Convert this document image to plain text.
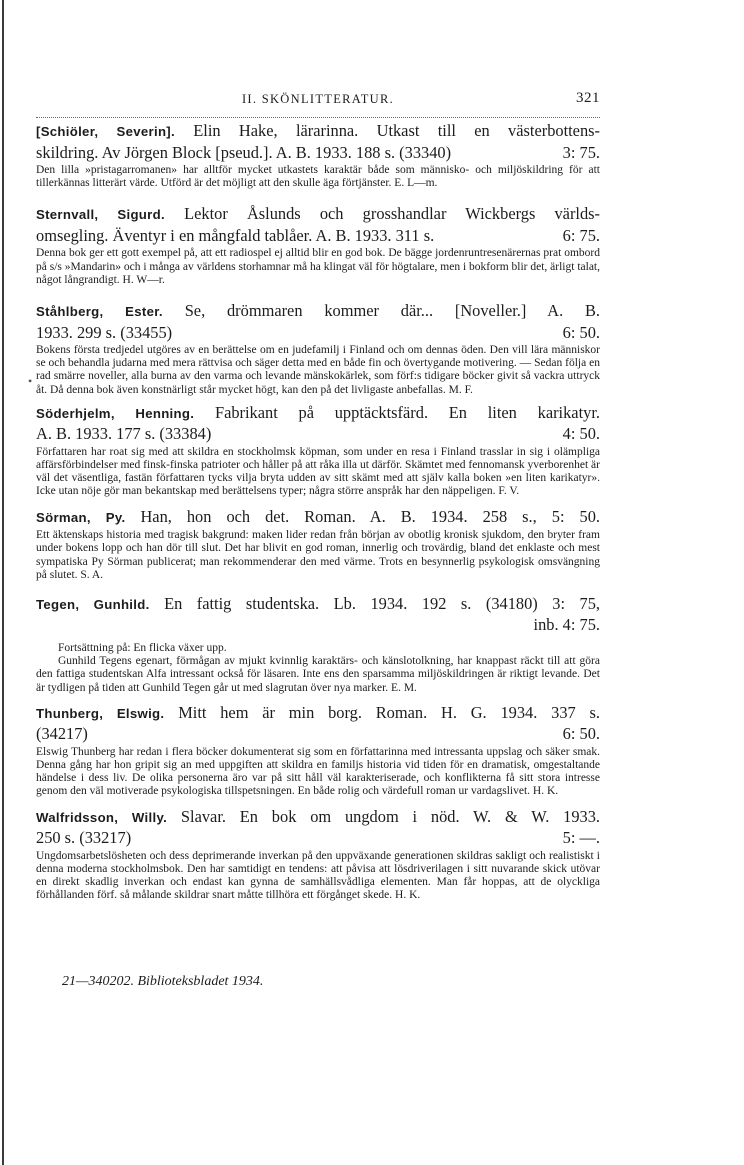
•
II. SKÖNLITTERATUR.	321
[Schiöler, Severin]. Elin Hake, lärarinna. Utkast till en västerbottens-
skildring. Av Jörgen Block [pseud.]. A. B. 1933. 188 s. (33340)	3: 75.

Den lilla »pristagarromanen» har alltför mycket utkastets karaktär både som människo- och miljöskildring för att tillerkännas litterärt värde. Utförd är det möjligt att den skulle äga förtjänster. E. L—m.

Sternvall, Sigurd. Lektor Åslunds och grosshandlar Wickbergs världs-
omsegling. Äventyr i en mångfald tablåer. A. B. 1933. 311 s.	6: 75.

Denna bok ger ett gott exempel på, att ett radiospel ej alltid blir en god bok. De bägge jordenruntresenärernas prat ombord på s/s »Mandarin» och i många av världens storhamnar må ha klingat väl för högtalare, men i bokform blir det, ärligt talat, något långrandigt. H. W—r.

Ståhlberg, Ester. Se, drömmaren kommer där... [Noveller.] A. B.
1933. 299 s. (33455)	6: 50.

Bokens första tredjedel utgöres av en berättelse om en judefamilj i Finland och om dennas öden. Den vill lära människor se och behandla judarna med mera rättvisa och säger detta med en både fin och övertygande motivering. — Sedan följa en rad smärre noveller, alla burna av den varma och levande mänskokärlek, som förf:s tidigare böcker givit så vackra uttryck åt. Då denna bok även konstnärligt står mycket högt, kan den på det livligaste anbefallas. M. F.

Söderhjelm, Henning. Fabrikant på upptäcktsfärd. En liten karikatyr.
A. B. 1933. 177 s. (33384)	4: 50.

Författaren har roat sig med att skildra en stockholmsk köpman, som under en resa i Finland trasslar in sig i olämpliga affärsförbindelser med finsk-finska patrioter och håller på att råka illa ut därför. Skämtet med fennomansk yverborenhet är väl det väsentliga, fastän författaren tycks vilja bryta udden av sitt skämt med att själv kalla boken »en liten karikatyr». Icke utan nöje gör man bekantskap med berättelsens typer; några större anspråk har den näppeligen. F. V.

Sörman, Py. Han, hon och det. Roman. A. B. 1934. 258 s., 5: 50.

Ett äktenskaps historia med tragisk bakgrund: maken lider redan från början av obotlig kronisk sjukdom, den bryter fram under bokens lopp och han dör till slut. Det har blivit en god roman, innerlig och trovärdig, bland det enklaste och mest sympatiska Py Sörman publicerat; man rekommenderar den med värme. Trots en besynnerlig psykologisk omsvängning på slutet. S. A.

Tegen, Gunhild. En fattig studentska. Lb. 1934. 192 s. (34180) 3: 75,
inb. 4: 75.

Fortsättning på: En flicka växer upp.

Gunhild Tegens egenart, förmågan av mjukt kvinnlig karaktärs- och känslotolkning, har knappast räckt till att göra den fattiga studentskan Alfa intressant också för läsaren. Inte ens den sparsamma miljöskildringen är riktigt levande. Det är tydligen på tiden att Gunhild Tegen går ut med slagrutan över nya marker. E. M.

Thunberg, Elswig. Mitt hem är min borg. Roman. H. G. 1934. 337 s.
(34217)	6: 50.

Elswig Thunberg har redan i flera böcker dokumenterat sig som en författarinna med intressanta uppslag och säker smak. Denna gång har hon gripit sig an med uppgiften att skildra en familjs historia vid tiden för en dramatisk, omgestaltande händelse i dess liv. De olika personerna äro var på sitt håll väl karakteriserade, och konflikterna få sitt stora intresse genom den väl motiverade psykologiska tillspetsningen. En både rolig och värdefull roman ur vardagslivet. H. K.

Walfridsson, Willy. Slavar. En bok om ungdom i nöd. W. & W. 1933.
250 s. (33217)	5: —.

Ungdomsarbetslösheten och dess deprimerande inverkan på den uppväxande generationen skildras sakligt och realistiskt i denna moderna stockholmsbok. Den har samtidigt en tendens: att påvisa att lösdriverilagen i sitt nuvarande skick utövar en direkt skadlig inverkan och endast kan gynna de samhällsvådliga elementen. Man får hoppas, att de olyckliga förhållanden förf. så målande skildrar snart måtte tillhöra ett förgånget skede. H. K.

21—340202. Biblioteksbladet 1934.
